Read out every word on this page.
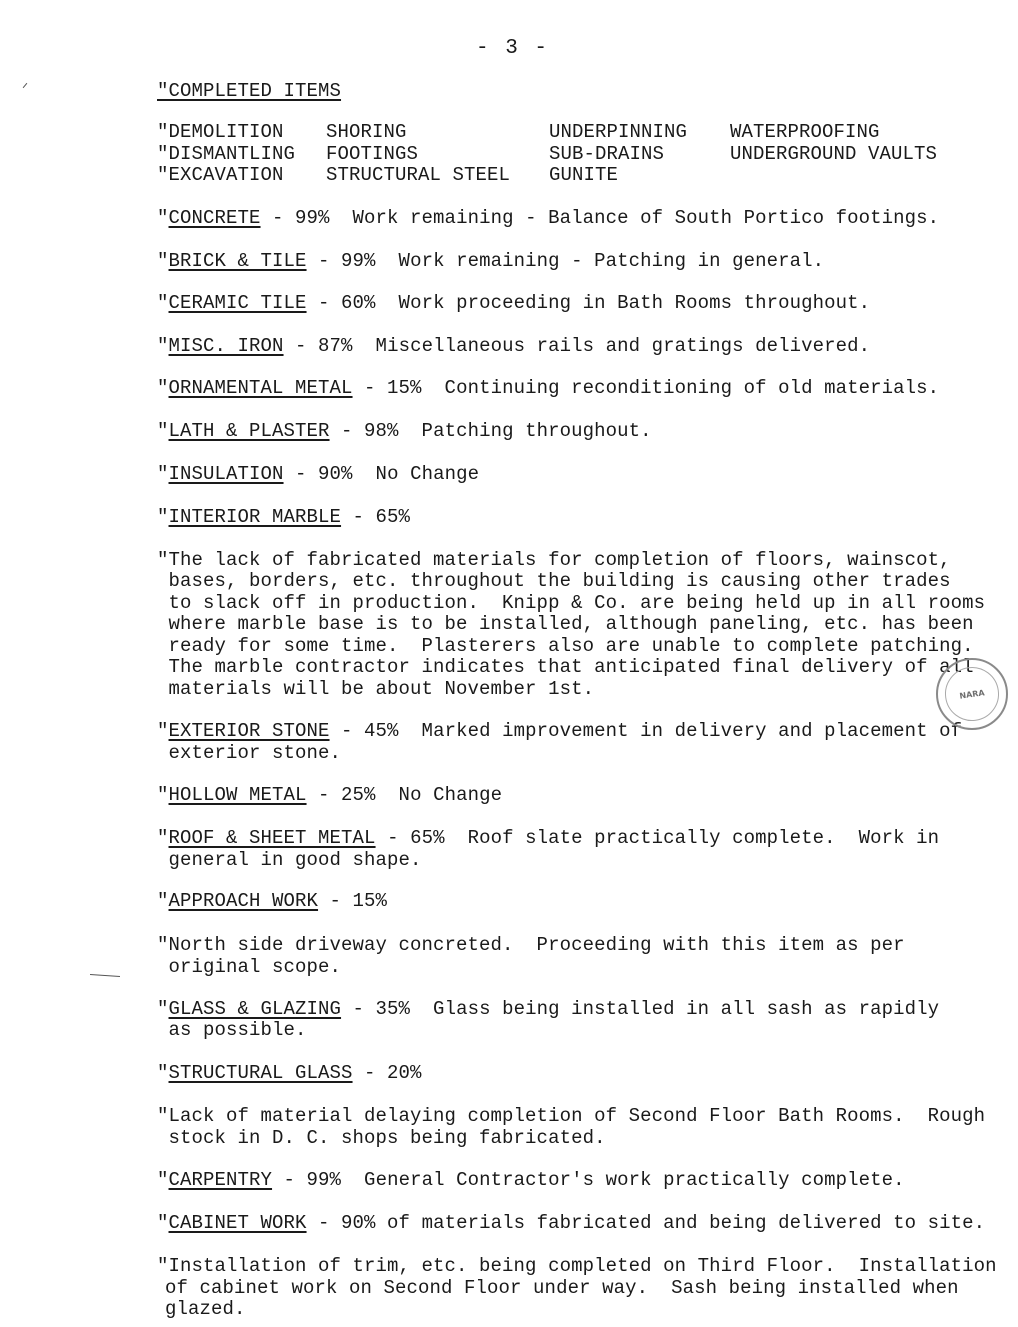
- 3 -
"COMPLETED ITEMS
"DEMOLITION
"DISMANTLING
"EXCAVATION
SHORING
FOOTINGS
STRUCTURAL STEEL
UNDERPINNING
SUB-DRAINS
GUNITE
WATERPROOFING
UNDERGROUND VAULTS
"CONCRETE - 99%  Work remaining - Balance of South Portico footings.
"BRICK & TILE - 99%  Work remaining - Patching in general.
"CERAMIC TILE - 60%  Work proceeding in Bath Rooms throughout.
"MISC. IRON - 87%  Miscellaneous rails and gratings delivered.
"ORNAMENTAL METAL - 15%  Continuing reconditioning of old materials.
"LATH & PLASTER - 98%  Patching throughout.
"INSULATION - 90%  No Change
"INTERIOR MARBLE - 65%
"The lack of fabricated materials for completion of floors, wainscot,
bases, borders, etc. throughout the building is causing other trades
to slack off in production.  Knipp & Co. are being held up in all rooms
where marble base is to be installed, although paneling, etc. has been
ready for some time.  Plasterers also are unable to complete patching.
The marble contractor indicates that anticipated final delivery of all
materials will be about November 1st.
"EXTERIOR STONE - 45%  Marked improvement in delivery and placement of
exterior stone.
"HOLLOW METAL - 25%  No Change
"ROOF & SHEET METAL - 65%  Roof slate practically complete.  Work in
general in good shape.
"APPROACH WORK - 15%
"North side driveway concreted.  Proceeding with this item as per
original scope.
"GLASS & GLAZING - 35%  Glass being installed in all sash as rapidly
as possible.
"STRUCTURAL GLASS - 20%
"Lack of material delaying completion of Second Floor Bath Rooms.  Rough
stock in D. C. shops being fabricated.
"CARPENTRY - 99%  General Contractor's work practically complete.
"CABINET WORK - 90% of materials fabricated and being delivered to site.
"Installation of trim, etc. being completed on Third Floor.  Installation
of cabinet work on Second Floor under way.  Sash being installed when
glazed.
NARA
